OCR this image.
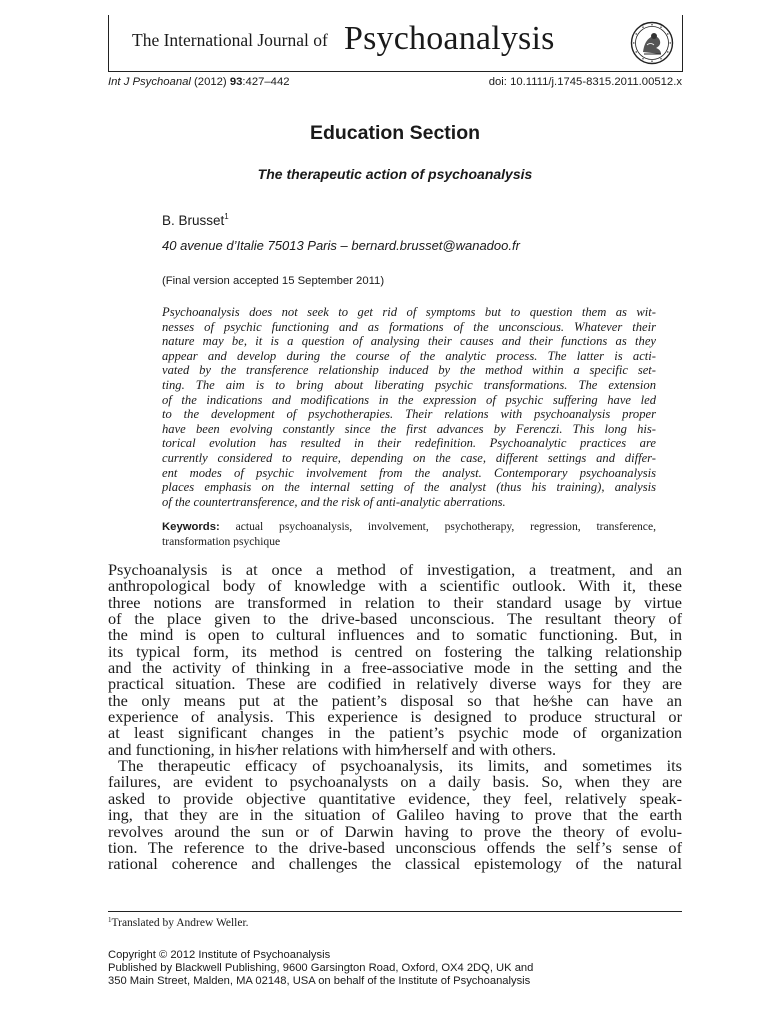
The International Journal of Psychoanalysis
Int J Psychoanal (2012) 93:427–442	doi: 10.1111/j.1745-8315.2011.00512.x
Education Section
The therapeutic action of psychoanalysis
B. Brusset$^1$
40 avenue d’Italie 75013 Paris – bernard.brusset@wanadoo.fr
(Final version accepted 15 September 2011)
Psychoanalysis does not seek to get rid of symptoms but to question them as wit-
nesses of psychic functioning and as formations of the unconscious. Whatever their
nature may be, it is a question of analysing their causes and their functions as they
appear and develop during the course of the analytic process. The latter is acti-
vated by the transference relationship induced by the method within a specific set-
ting. The aim is to bring about liberating psychic transformations. The extension
of the indications and modifications in the expression of psychic suffering have led
to the development of psychotherapies. Their relations with psychoanalysis proper
have been evolving constantly since the first advances by Ferenczi. This long his-
torical evolution has resulted in their redefinition. Psychoanalytic practices are
currently considered to require, depending on the case, different settings and differ-
ent modes of psychic involvement from the analyst. Contemporary psychoanalysis
places emphasis on the internal setting of the analyst (thus his training), analysis
of the countertransference, and the risk of anti-analytic aberrations.
Keywords: actual psychoanalysis, involvement, psychotherapy, regression, transference,
transformation psychique
Psychoanalysis is at once a method of investigation, a treatment, and an
anthropological body of knowledge with a scientific outlook. With it, these
three notions are transformed in relation to their standard usage by virtue
of the place given to the drive-based unconscious. The resultant theory of
the mind is open to cultural influences and to somatic functioning. But, in
its typical form, its method is centred on fostering the talking relationship
and the activity of thinking in a free-associative mode in the setting and the
practical situation. These are codified in relatively diverse ways for they are
the only means put at the patient’s disposal so that he⁄she can have an
experience of analysis. This experience is designed to produce structural or
at least significant changes in the patient’s psychic mode of organization
and functioning, in his⁄her relations with him⁄herself and with others.
The therapeutic efficacy of psychoanalysis, its limits, and sometimes its
failures, are evident to psychoanalysts on a daily basis. So, when they are
asked to provide objective quantitative evidence, they feel, relatively speak-
ing, that they are in the situation of Galileo having to prove that the earth
revolves around the sun or of Darwin having to prove the theory of evolu-
tion. The reference to the drive-based unconscious offends the self’s sense of
rational coherence and challenges the classical epistemology of the natural
$^1$Translated by Andrew Weller.
Copyright © 2012 Institute of Psychoanalysis
Published by Blackwell Publishing, 9600 Garsington Road, Oxford, OX4 2DQ, UK and
350 Main Street, Malden, MA 02148, USA on behalf of the Institute of Psychoanalysis
